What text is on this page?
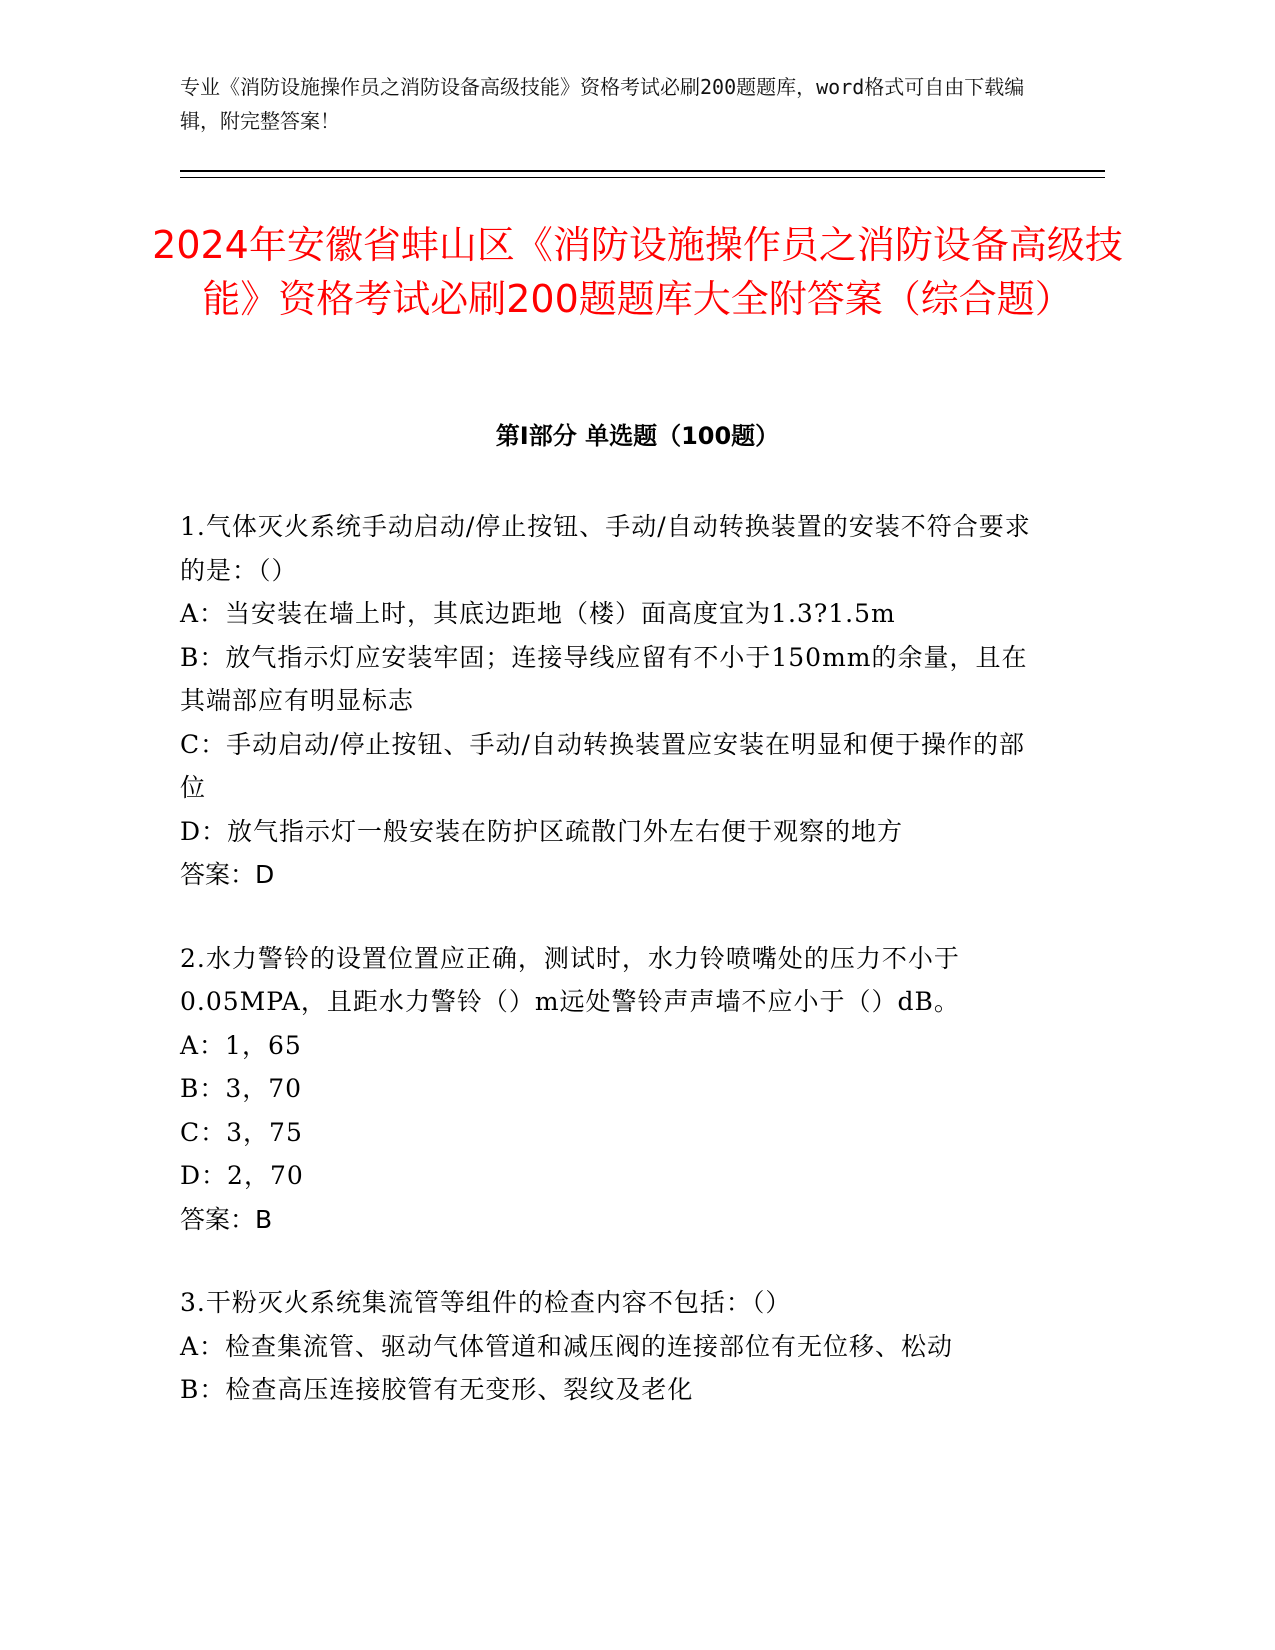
专业《消防设施操作员之消防设备高级技能》资格考试必刷200题题库，word格式可自由下载编辑，附完整答案！
2024年安徽省蚌山区《消防设施操作员之消防设备高级技能》资格考试必刷200题题库大全附答案（综合题）
第Ⅰ部分 单选题（100题）

1.气体灭火系统手动启动/停止按钮、手动/自动转换装置的安装不符合要求的是：（）

A：当安装在墙上时，其底边距地（楼）面高度宜为1.3?1.5m

B：放气指示灯应安装牢固；连接导线应留有不小于150mm的余量，且在其端部应有明显标志

C：手动启动/停止按钮、手动/自动转换装置应安装在明显和便于操作的部位

D：放气指示灯一般安装在防护区疏散门外左右便于观察的地方

答案：D

2.水力警铃的设置位置应正确，测试时，水力铃喷嘴处的压力不小于0.05MPA，且距水力警铃（）m远处警铃声声墙不应小于（）dB。

A：1，65

B：3，70

C：3，75

D：2，70

答案：B

3.干粉灭火系统集流管等组件的检查内容不包括：（）

A：检查集流管、驱动气体管道和减压阀的连接部位有无位移、松动

B：检查高压连接胶管有无变形、裂纹及老化
